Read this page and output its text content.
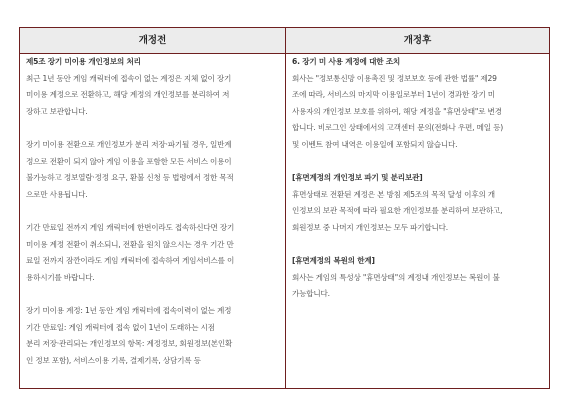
개정전	개정후

제5조 장기 미이용 개인정보의 처리

최근 1년 동안 게임 캐릭터에 접속이 없는 계정은 지체 없이 장기

미이용 계정으로 전환하고, 해당 계정의 개인정보를 분리하여 저

장하고 보관합니다.

장기 미이용 전환으로 개인정보가 분리 저장·파기될 경우, 일반계

정으로 전환이 되지 않아 게임 이용을 포함한 모든 서비스 이용이

불가능하고 정보열람·정정 요구, 환불 신청 등 법령에서 정한 목적

으로만 사용됩니다.

기간 만료일 전까지 게임 캐릭터에 한번이라도 접속하신다면 장기

미이용 계정 전환이 취소되니, 전환을 원치 않으시는 경우 기간 만

료일 전까지 잠깐이라도 게임 캐릭터에 접속하여 게임서비스를 이

용하시기를 바랍니다.

장기 미이용 계정: 1년 동안 게임 캐릭터에 접속이력이 없는 계정

기간 만료일: 게임 캐릭터에 접속 없이 1년이 도래하는 시점

분리 저장·관리되는 개인정보의 항목: 계정정보, 회원정보(본인확

인 정보 포함), 서비스이용 기록, 결제기록, 상담기록 등

6. 장기 미 사용 계정에 대한 조치

회사는 "정보통신망 이용촉진 및 정보보호 등에 관한 법률" 제29

조에 따라, 서비스의 마지막 이용일로부터 1년이 경과한 장기 미

사용자의 개인정보 보호를 위하여, 해당 계정을 "휴면상태"로 변경

합니다. 비로그인 상태에서의 고객센터 문의(전화나 우편, 메일 등)

및 이벤트 참여 내역은 이용일에 포함되지 않습니다.

[휴면계정의 개인정보 파기 및 분리보관]

휴면상태로 전환된 계정은 본 방침 제5조의 목적 달성 이후의 개

인정보의 보관 목적에 따라 필요한 개인정보를 분리하여 보관하고,

회원정보 중 나머지 개인정보는 모두 파기합니다.

[휴면계정의 복원의 한계]

회사는 게임의 특성상 "휴면상태"의 계정내 개인정보는 복원이 불

가능합니다.
